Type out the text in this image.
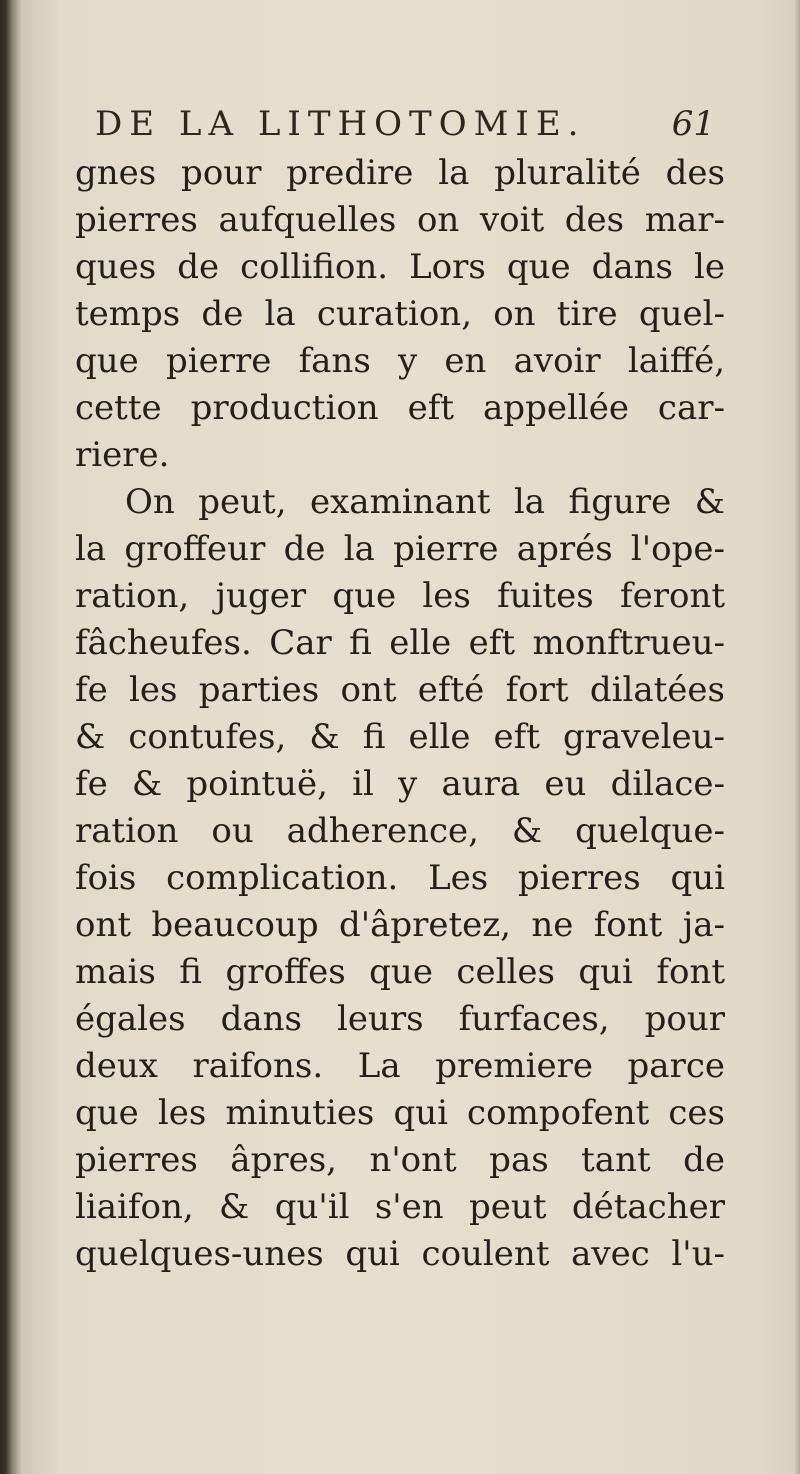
DE LA LITHOTOMIE.	61
gnes pour predire la pluralité des
pierres aufquelles on voit des mar-
ques de collifion. Lors que dans le
temps de la curation, on tire quel-
que pierre fans y en avoir laiffé,
cette production eft appellée car-
riere.
On peut, examinant la figure &
la groffeur de la pierre aprés l'ope-
ration, juger que les fuites feront
fâcheufes. Car fi elle eft monftrueu-
fe les parties ont efté fort dilatées
& contufes, & fi elle eft graveleu-
fe & pointuë, il y aura eu dilace-
ration ou adherence, & quelque-
fois complication. Les pierres qui
ont beaucoup d'âpretez, ne font ja-
mais fi groffes que celles qui font
égales dans leurs furfaces, pour
deux raifons. La premiere parce
que les minuties qui compofent ces
pierres âpres, n'ont pas tant de
liaifon, & qu'il s'en peut détacher
quelques-unes qui coulent avec l'u-
